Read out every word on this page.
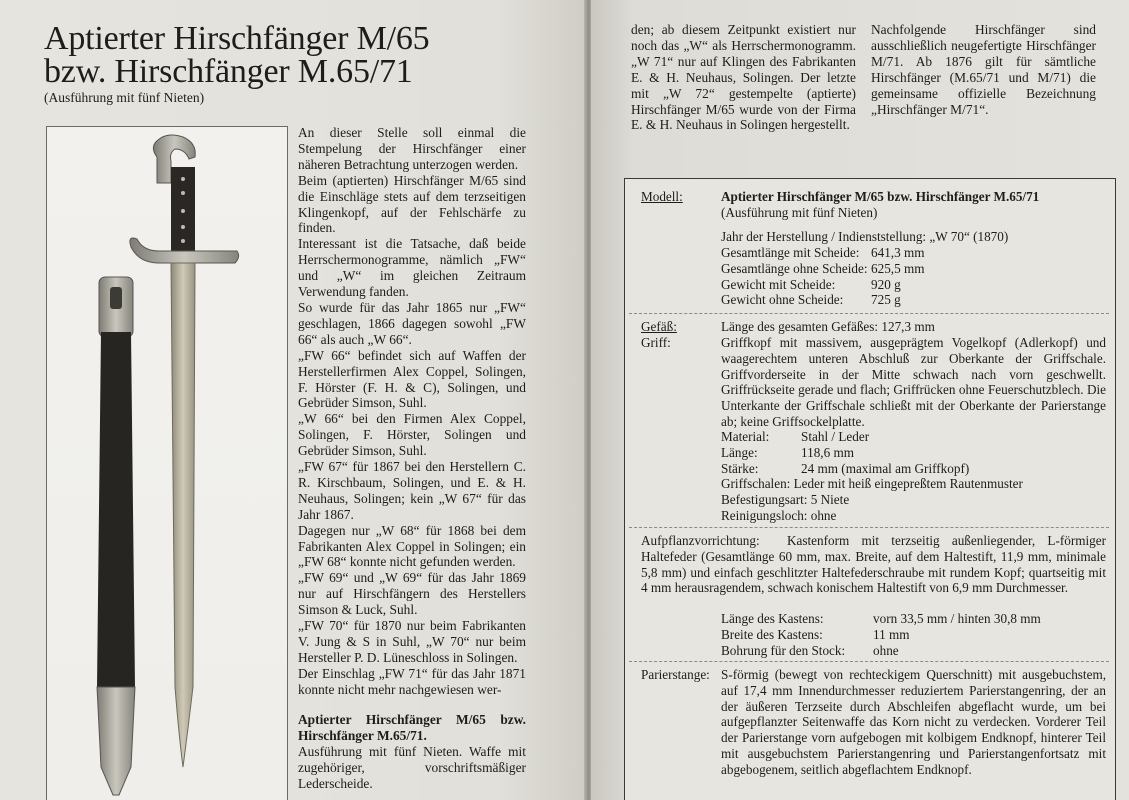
Aptierter Hirschfänger M/65
bzw. Hirschfänger M.65/71
(Ausführung mit fünf Nieten)

An dieser Stelle soll einmal die Stempelung der Hirschfänger einer näheren Betrachtung unterzogen werden.

Beim (aptierten) Hirschfänger M/65 sind die Einschläge stets auf dem terzseitigen Klingenkopf, auf der Fehlschärfe zu finden.

Interessant ist die Tatsache, daß beide Herrschermonogramme, nämlich „FW“ und „W“ im gleichen Zeitraum Verwendung fanden.

So wurde für das Jahr 1865 nur „FW“ geschlagen, 1866 dagegen sowohl „FW 66“ als auch „W 66“.

„FW 66“ befindet sich auf Waffen der Herstellerfirmen Alex Coppel, Solingen, F. Hörster (F. H. & C), Solingen, und Gebrüder Simson, Suhl.

„W 66“ bei den Firmen Alex Coppel, Solingen, F. Hörster, Solingen und Gebrüder Simson, Suhl.

„FW 67“ für 1867 bei den Herstellern C. R. Kirschbaum, Solingen, und E. & H. Neuhaus, Solingen; kein „W 67“ für das Jahr 1867.

Dagegen nur „W 68“ für 1868 bei dem Fabrikanten Alex Coppel in Solingen; ein „FW 68“ konnte nicht gefunden werden.

„FW 69“ und „W 69“ für das Jahr 1869 nur auf Hirschfängern des Herstellers Simson & Luck, Suhl.

„FW 70“ für 1870 nur beim Fabrikanten V. Jung & S in Suhl, „W 70“ nur beim Hersteller P. D. Lüneschloss in Solingen.

Der Einschlag „FW 71“ für das Jahr 1871 konnte nicht mehr nachgewiesen wer-

Aptierter Hirschfänger M/65 bzw. Hirschfänger M.65/71.

Ausführung mit fünf Nieten. Waffe mit zugehöriger, vorschriftsmäßiger Lederscheide.

den; ab diesem Zeitpunkt existiert nur noch das „W“ als Herrschermonogramm. „W 71“ nur auf Klingen des Fabrikanten E. & H. Neuhaus, Solingen. Der letzte mit „W 72“ gestempelte (aptierte) Hirschfänger M/65 wurde von der Firma E. & H. Neuhaus in Solingen hergestellt.
Nachfolgende Hirschfänger sind ausschließlich neugefertigte Hirschfänger M/71. Ab 1876 gilt für sämtliche Hirschfänger (M.65/71 und M/71) die gemeinsame offizielle Bezeichnung „Hirschfänger M/71“.
Modell:	Aptierter Hirschfänger M/65 bzw. Hirschfänger M.65/71
(Ausführung mit fünf Nieten)
Jahr der Herstellung / Indienststellung: „W 70“ (1870)
Gesamtlänge mit Scheide: 641,3 mm
Gesamtlänge ohne Scheide: 625,5 mm
Gewicht mit Scheide:	920 g
Gewicht ohne Scheide:	725 g
Gefäß:	Länge des gesamten Gefäßes: 127,3 mm
Griff:	Griffkopf mit massivem, ausgeprägtem Vogelkopf (Adlerkopf) und waagerechtem unteren Abschluß zur Oberkante der Griffschale. Griffvorderseite in der Mitte schwach nach vorn geschwellt. Griffrückseite gerade und flach; Griffrücken ohne Feuerschutzblech. Die Unterkante der Griffschale schließt mit der Oberkante der Parierstange ab; keine Griffsockelplatte.
Material:	Stahl / Leder
Länge:	118,6 mm
Stärke:	24 mm (maximal am Griffkopf)
Griffschalen: Leder mit heiß eingepreßtem Rautenmuster
Befestigungsart: 5 Niete
Reinigungsloch: ohne
Aufpflanzvorrichtung:	Kastenform mit terzseitig außenliegender, L-förmiger Haltefeder (Gesamtlänge 60 mm, max. Breite, auf dem Haltestift, 11,9 mm, minimale 5,8 mm) und einfach geschlitzter Haltefederschraube mit rundem Kopf; quartseitig mit 4 mm herausragendem, schwach konischem Haltestift von 6,9 mm Durchmesser.
Länge des Kastens:	vorn 33,5 mm / hinten 30,8 mm
Breite des Kastens:	11 mm
Bohrung für den Stock:	ohne
Parierstange: S-förmig (bewegt von rechteckigem Querschnitt) mit ausgebuchstem, auf 17,4 mm Innendurchmesser reduziertem Parierstangenring, der an der äußeren Terzseite durch Abschleifen abgeflacht wurde, um bei aufgepflanzter Seitenwaffe das Korn nicht zu verdecken. Vorderer Teil der Parierstange vorn aufgebogen mit kolbigem Endknopf, hinterer Teil mit ausgebuchstem Parierstangenring und Parierstangenfortsatz mit abgebogenem, seitlich abgeflachtem Endknopf.
